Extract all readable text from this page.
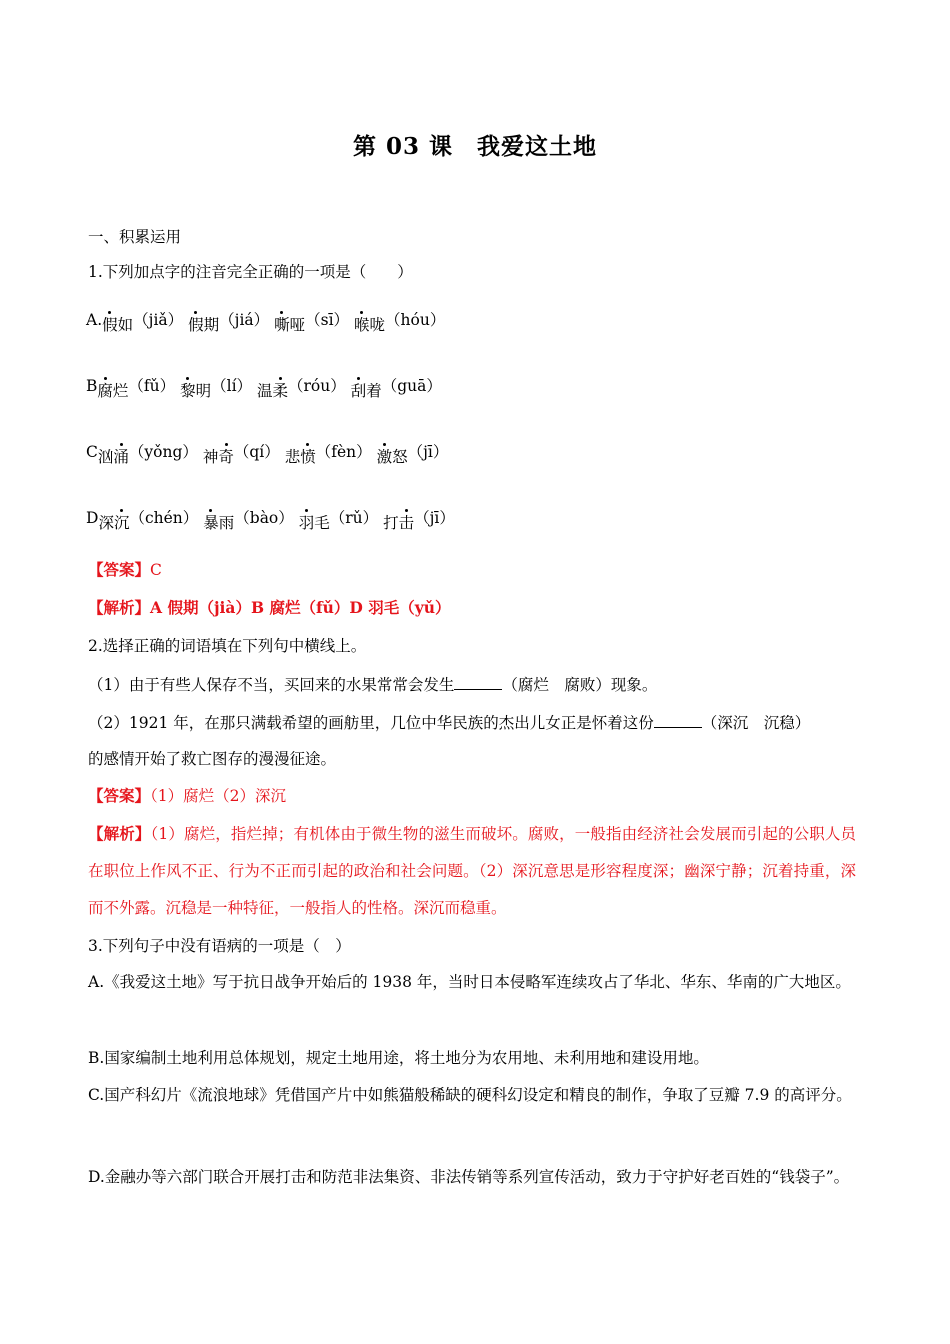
第 03 课　我爱这土地
一、积累运用
1.下列加点字的注音完全正确的一项是（　　）
A.假如（jiǎ） 假期（jiá） 嘶哑（sī） 喉咙（hóu）
B腐烂（fǔ） 黎明（lí） 温柔（róu） 刮着（guā）
C汹涌（yǒng） 神奇（qí） 悲愤（fèn） 激怒（jī）
D深沉（chén） 暴雨（bào） 羽毛（rǔ） 打击（jī）
【答案】C
【解析】A 假期（jià）B 腐烂（fǔ）D 羽毛（yǔ）
2.选择正确的词语填在下列句中横线上。
（1）由于有些人保存不当，买回来的水果常常会发生	（腐烂　腐败）现象。
（2）1921 年，在那只满载希望的画舫里，几位中华民族的杰出儿女正是怀着这份	（深沉　沉稳）
的感情开始了救亡图存的漫漫征途。
【答案】（1）腐烂（2）深沉
【解析】（1）腐烂，指烂掉；有机体由于微生物的滋生而破坏。腐败，一般指由经济社会发展而引起的公职人员在职位上作风不正、行为不正而引起的政治和社会问题。（2）深沉意思是形容程度深；幽深宁静；沉着持重，深而不外露。沉稳是一种特征，一般指人的性格。深沉而稳重。
3.下列句子中没有语病的一项是（　）
A.《我爱这土地》写于抗日战争开始后的 1938 年，当时日本侵略军连续攻占了华北、华东、华南的广大地区。
B.国家编制土地利用总体规划，规定土地用途，将土地分为农用地、未利用地和建设用地。
C.国产科幻片《流浪地球》凭借国产片中如熊猫般稀缺的硬科幻设定和精良的制作，争取了豆瓣 7.9 的高评分。
D.金融办等六部门联合开展打击和防范非法集资、非法传销等系列宣传活动，致力于守护好老百姓的“钱袋子”。
